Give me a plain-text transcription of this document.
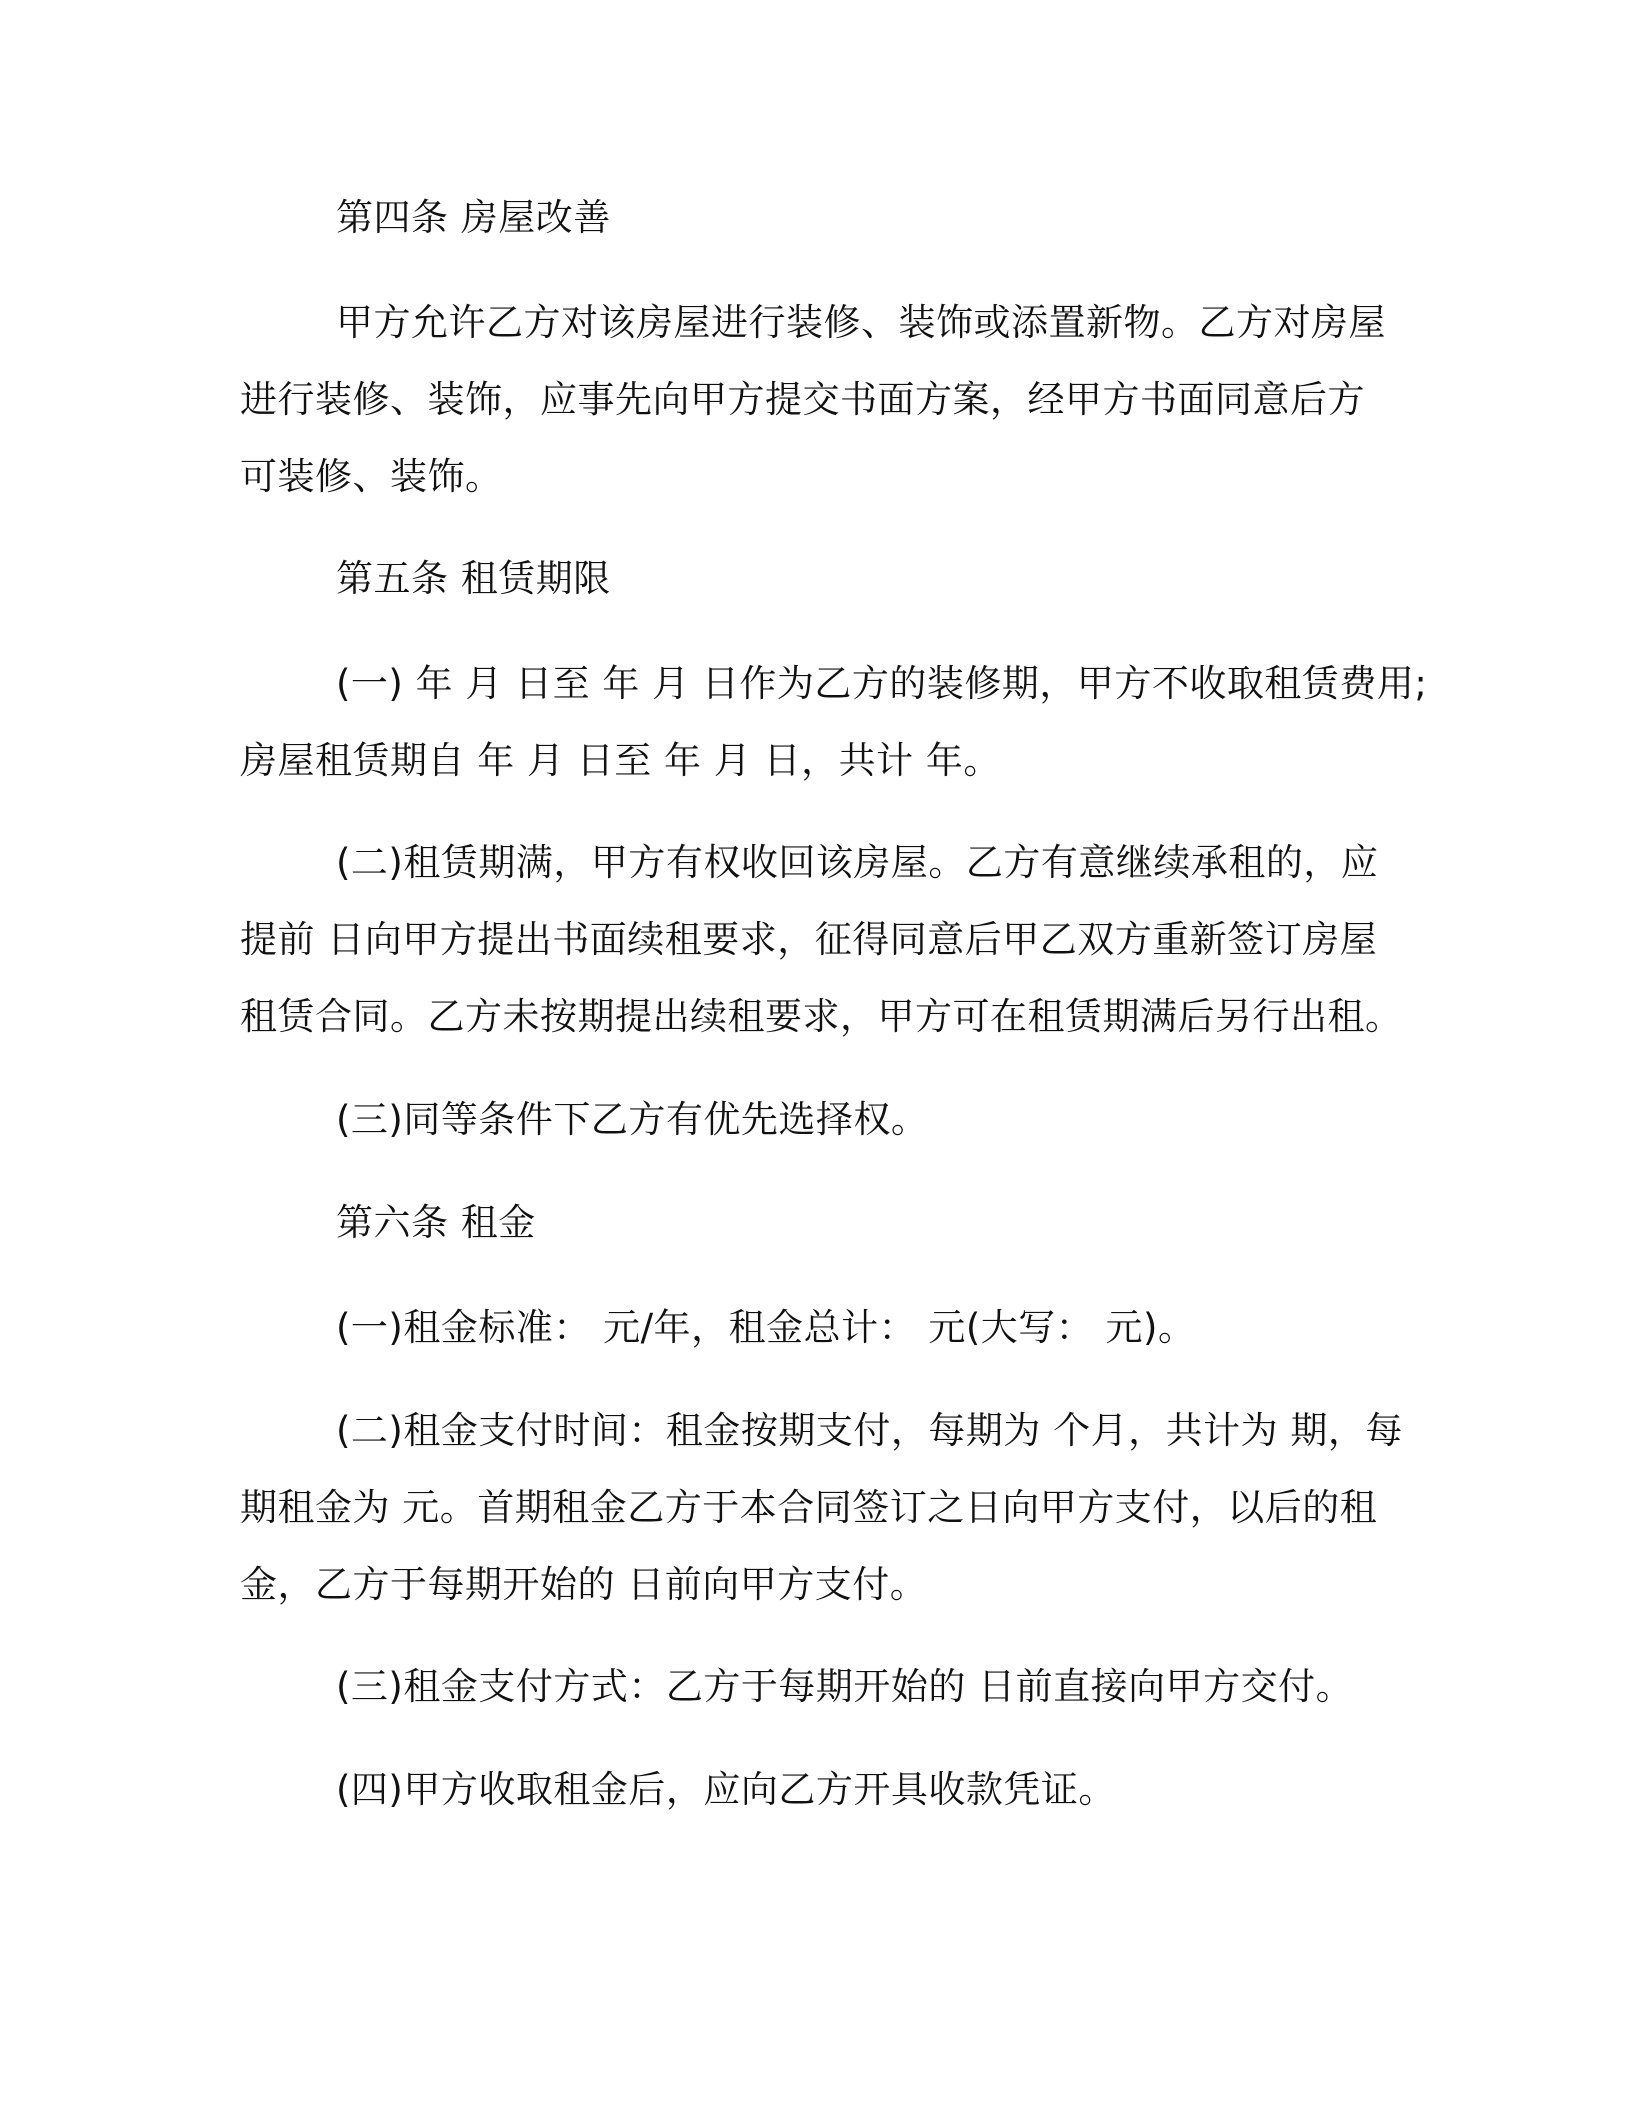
第四条 房屋改善
甲方允许乙方对该房屋进行装修、装饰或添置新物。乙方对房屋
进行装修、装饰，应事先向甲方提交书面方案，经甲方书面同意后方
可装修、装饰。
第五条 租赁期限
(一) 年 月 日至 年 月 日作为乙方的装修期，甲方不收取租赁费用;
房屋租赁期自 年 月 日至 年 月 日，共计 年。
(二)租赁期满，甲方有权收回该房屋。乙方有意继续承租的，应
提前 日向甲方提出书面续租要求，征得同意后甲乙双方重新签订房屋
租赁合同。乙方未按期提出续租要求，甲方可在租赁期满后另行出租。
(三)同等条件下乙方有优先选择权。
第六条 租金
(一)租金标准： 元/年，租金总计： 元(大写： 元)。
(二)租金支付时间：租金按期支付，每期为 个月，共计为 期，每
期租金为 元。首期租金乙方于本合同签订之日向甲方支付，以后的租
金，乙方于每期开始的 日前向甲方支付。
(三)租金支付方式：乙方于每期开始的 日前直接向甲方交付。
(四)甲方收取租金后，应向乙方开具收款凭证。
